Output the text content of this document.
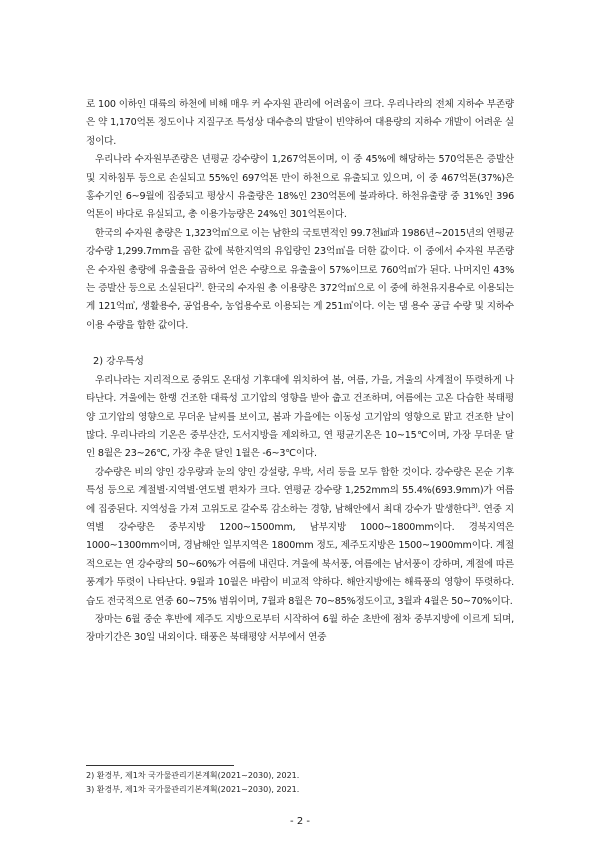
로 100 이하인 대륙의 하천에 비해 매우 커 수자원 관리에 어려움이 크다. 우리나라의 전체 지하수 부존량은 약 1,170억톤 정도이나 지질구조 특성상 대수층의 발달이 빈약하여 대용량의 지하수 개발이 어려운 실정이다.

우리나라 수자원부존량은 년평균 강수량이 1,267억톤이며, 이 중 45%에 해당하는 570억톤은 증발산 및 지하침투 등으로 손실되고 55%인 697억톤 만이 하천으로 유출되고 있으며, 이 중 467억톤(37%)은 홍수기인 6~9월에 집중되고 평상시 유출량은 18%인 230억톤에 불과하다. 하천유출량 중 31%인 396억톤이 바다로 유실되고, 총 이용가능량은 24%인 301억톤이다.

한국의 수자원 총량은 1,323억㎥으로 이는 남한의 국토면적인 99.7천㎢과 1986년~2015년의 연평균 강수량 1,299.7mm을 곱한 값에 북한지역의 유입량인 23억㎥을 더한 값이다. 이 중에서 수자원 부존량은 수자원 총량에 유출율을 곱하여 얻은 수량으로 유출율이 57%이므로 760억㎥가 된다. 나머지인 43%는 증발산 등으로 소실된다$^{2)}$. 한국의 수자원 총 이용량은 372억㎥으로 이 중에 하천유지용수로 이용되는 게 121억㎥, 생활용수, 공업용수, 농업용수로 이용되는 게 251㎥이다. 이는 댐 용수 공급 수량 및 지하수 이용 수량을 합한 값이다.

2) 강우특성

우리나라는 지리적으로 중위도 온대성 기후대에 위치하여 봄, 여름, 가을, 겨울의 사계절이 뚜렷하게 나타난다. 겨울에는 한랭 건조한 대륙성 고기압의 영향을 받아 춥고 건조하며, 여름에는 고온 다습한 북태평양 고기압의 영향으로 무더운 날씨를 보이고, 봄과 가을에는 이동성 고기압의 영향으로 맑고 건조한 날이 많다. 우리나라의 기온은 중부산간, 도서지방을 제외하고, 연 평균기온은 10~15℃이며, 가장 무더운 달인 8월은 23~26℃, 가장 추운 달인 1월은 -6~3℃이다.

강수량은 비의 양인 강우량과 눈의 양인 강설량, 우박, 서리 등을 모두 합한 것이다. 강수량은 몬순 기후 특성 등으로 계절별·지역별·연도별 편차가 크다. 연평균 강수량 1,252mm의 55.4%(693.9mm)가 여름에 집중된다. 지역성을 가져 고위도로 갈수록 감소하는 경향, 남해안에서 최대 강수가 발생한다$^{3)}$. 연중 지역별 강수량은 중부지방 1200~1500mm, 남부지방 1000~1800mm이다. 경북지역은 1000~1300mm이며, 경남해안 일부지역은 1800mm 정도, 제주도지방은 1500~1900mm이다. 계절적으로는 연 강수량의 50~60%가 여름에 내린다. 겨울에 북서풍, 여름에는 남서풍이 강하며, 계절에 따른 풍계가 뚜렷이 나타난다. 9월과 10월은 바람이 비교적 약하다. 해안지방에는 해륙풍의 영향이 뚜렷하다. 습도 전국적으로 연중 60~75% 범위이며, 7월과 8월은 70~85%정도이고, 3월과 4월은 50~70%이다.

장마는 6월 중순 후반에 제주도 지방으로부터 시작하여 6월 하순 초반에 점차 중부지방에 이르게 되며, 장마기간은 30일 내외이다. 태풍은 북태평양 서부에서 연중

2) 환경부, 제1차 국가물관리기본계획(2021~2030), 2021.

3) 환경부, 제1차 국가물관리기본계획(2021~2030), 2021.

- 2 -
